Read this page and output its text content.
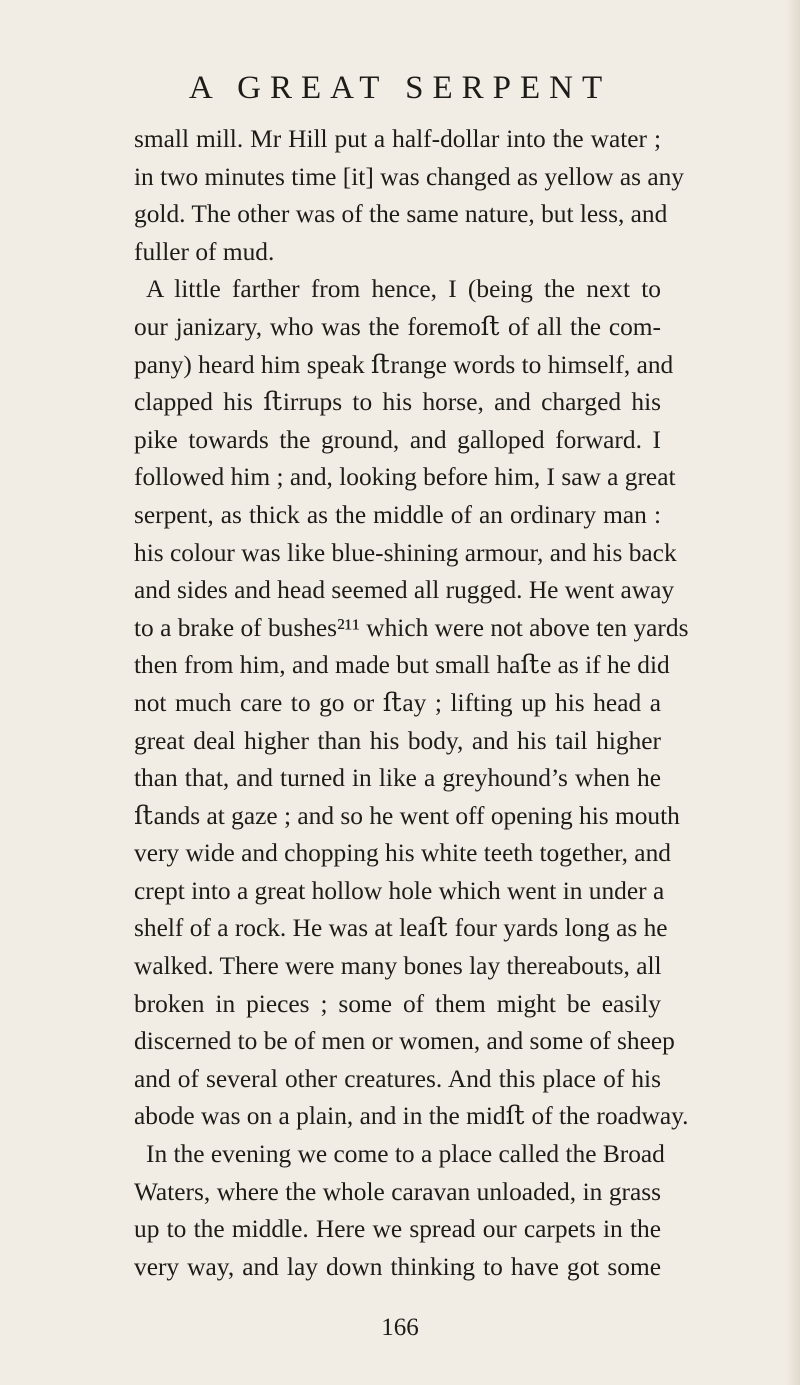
A GREAT SERPENT
small mill. Mr Hill put a half-dollar into the water ;
in two minutes time [it] was changed as yellow as any
gold. The other was of the same nature, but less, and
fuller of mud.
A little farther from hence, I (being the next to
our janizary, who was the foremoﬅ of all the com-
pany) heard him speak ﬅrange words to himself, and
clapped his ﬅirrups to his horse, and charged his
pike towards the ground, and galloped forward. I
followed him ; and, looking before him, I saw a great
serpent, as thick as the middle of an ordinary man :
his colour was like blue-shining armour, and his back
and sides and head seemed all rugged. He went away
to a brake of bushes²¹¹ which were not above ten yards
then from him, and made but small haﬅe as if he did
not much care to go or ﬅay ; lifting up his head a
great deal higher than his body, and his tail higher
than that, and turned in like a greyhound’s when he
ﬅands at gaze ; and so he went off opening his mouth
very wide and chopping his white teeth together, and
crept into a great hollow hole which went in under a
shelf of a rock. He was at leaﬅ four yards long as he
walked. There were many bones lay thereabouts, all
broken in pieces ; some of them might be easily
discerned to be of men or women, and some of sheep
and of several other creatures. And this place of his
abode was on a plain, and in the midﬅ of the roadway.
In the evening we come to a place called the Broad
Waters, where the whole caravan unloaded, in grass
up to the middle. Here we spread our carpets in the
very way, and lay down thinking to have got some
166
